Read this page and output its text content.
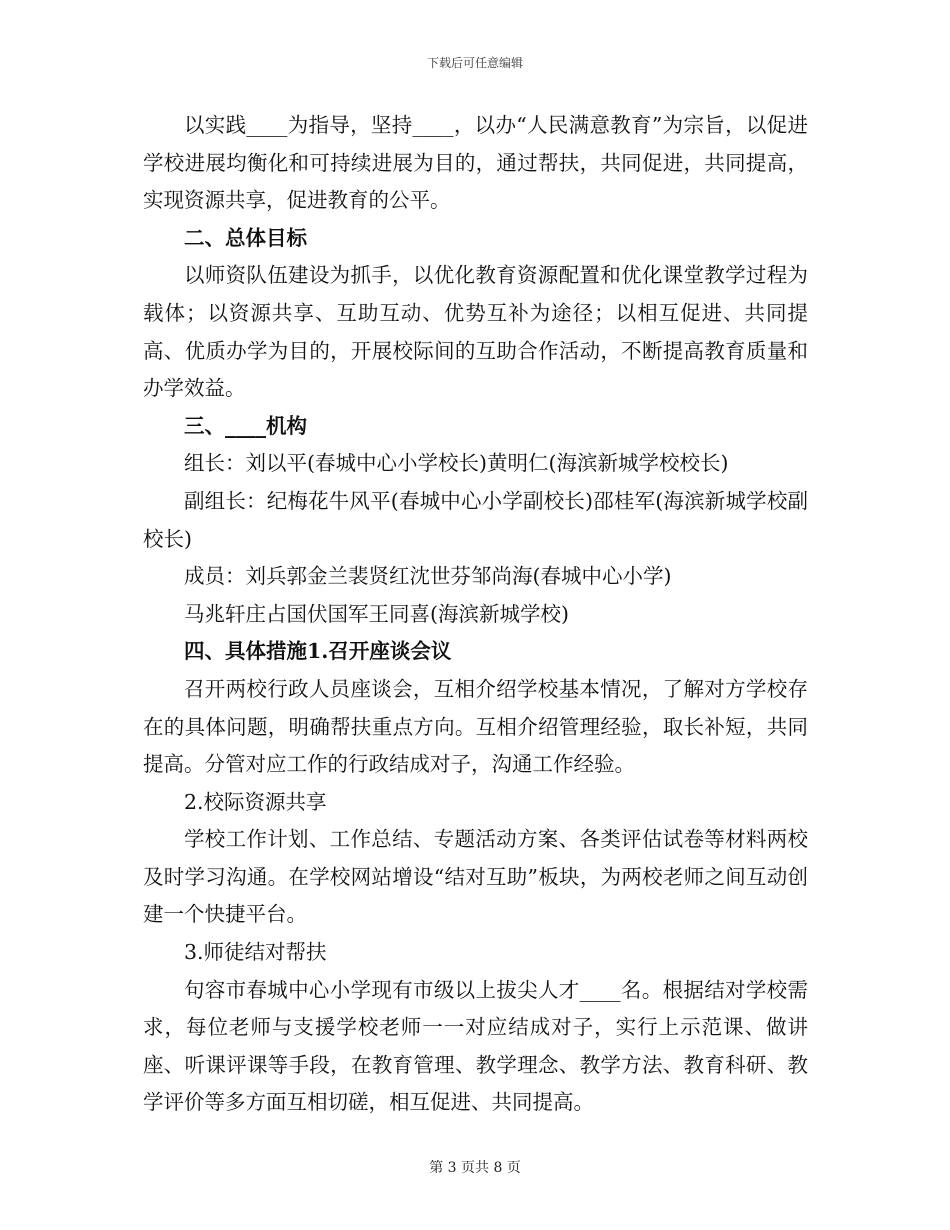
下载后可任意编辑

以实践____为指导，坚持____，以办“人民满意教育”为宗旨，以促进学校进展均衡化和可持续进展为目的，通过帮扶，共同促进，共同提高，实现资源共享，促进教育的公平。

二、总体目标

以师资队伍建设为抓手，以优化教育资源配置和优化课堂教学过程为载体；以资源共享、互助互动、优势互补为途径；以相互促进、共同提高、优质办学为目的，开展校际间的互助合作活动，不断提高教育质量和办学效益。

三、____机构

组长：刘以平(春城中心小学校长)黄明仁(海滨新城学校校长)

副组长：纪梅花牛风平(春城中心小学副校长)邵桂军(海滨新城学校副校长)

成员：刘兵郭金兰裴贤红沈世芬邹尚海(春城中心小学)

马兆轩庄占国伏国军王同喜(海滨新城学校)

四、具体措施1.召开座谈会议

召开两校行政人员座谈会，互相介绍学校基本情况，了解对方学校存在的具体问题，明确帮扶重点方向。互相介绍管理经验，取长补短，共同提高。分管对应工作的行政结成对子，沟通工作经验。

2.校际资源共享

学校工作计划、工作总结、专题活动方案、各类评估试卷等材料两校及时学习沟通。在学校网站增设“结对互助”板块，为两校老师之间互动创建一个快捷平台。

3.师徒结对帮扶

句容市春城中心小学现有市级以上拔尖人才____名。根据结对学校需求，每位老师与支援学校老师一一对应结成对子，实行上示范课、做讲座、听课评课等手段，在教育管理、教学理念、教学方法、教育科研、教学评价等多方面互相切磋，相互促进、共同提高。

第 3 页共 8 页
